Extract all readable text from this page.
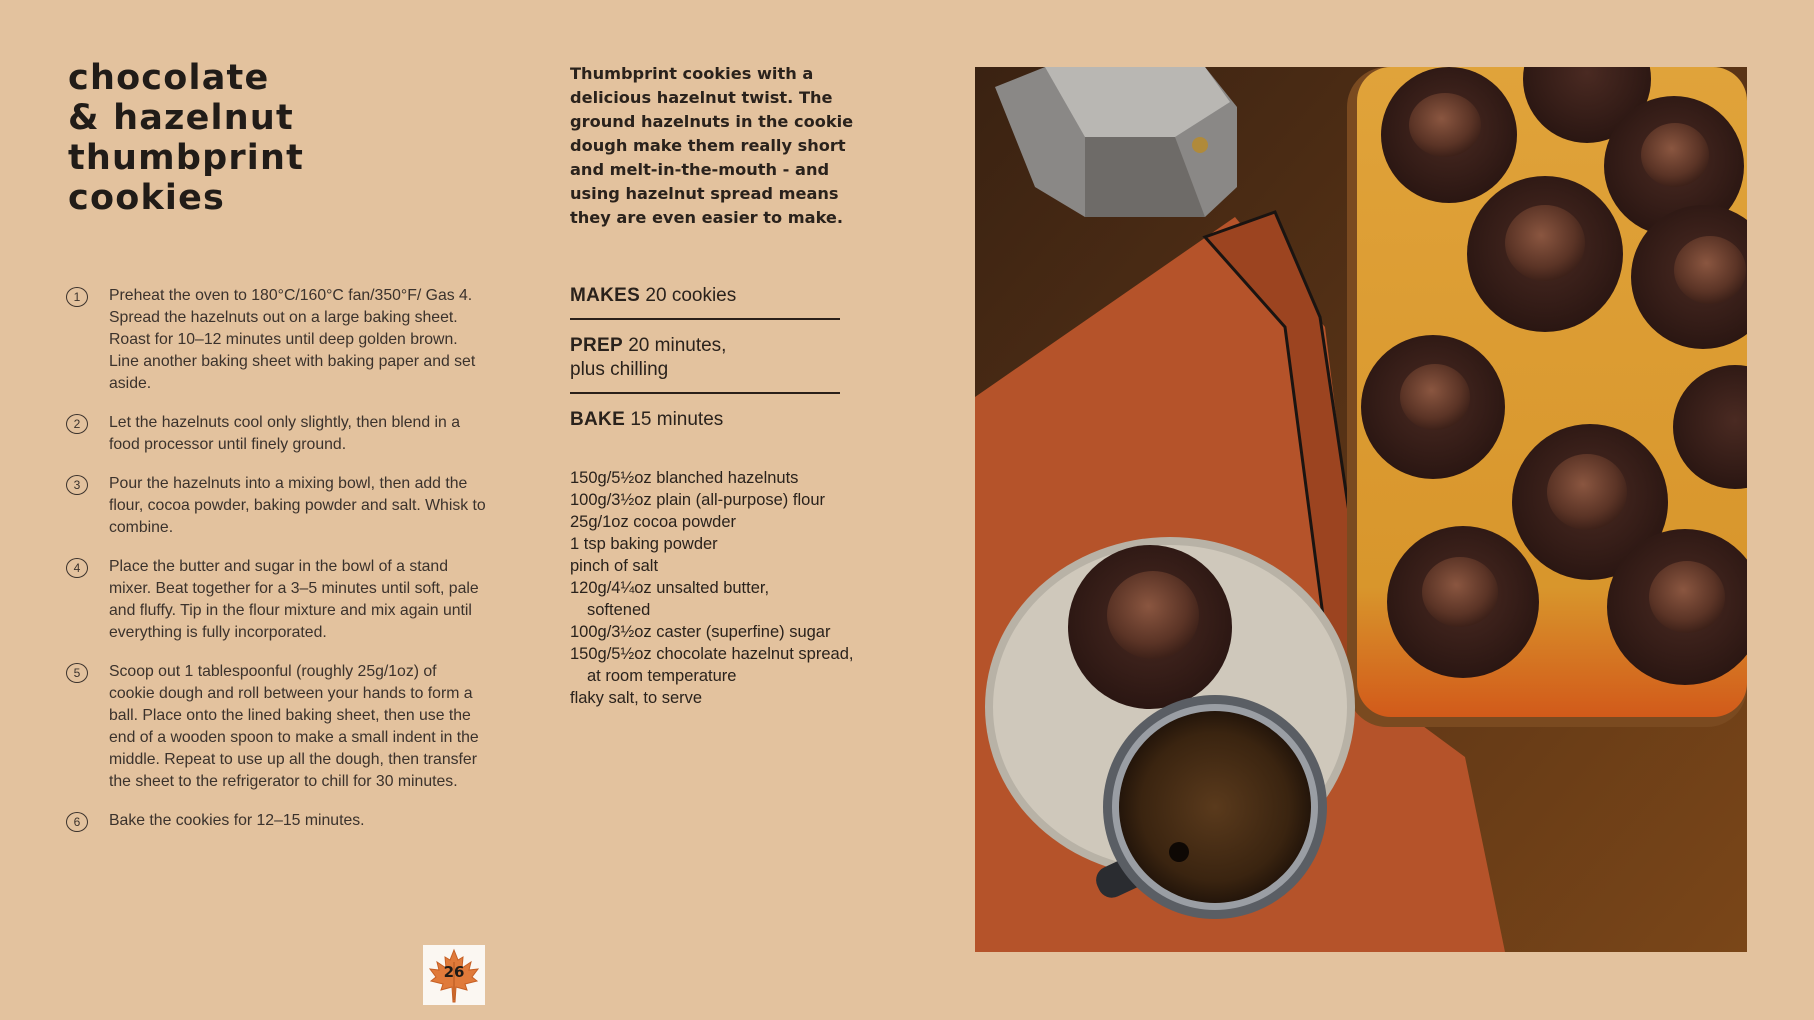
chocolate
& hazelnut
thumbprint
cookies

Thumbprint cookies with a delicious hazelnut twist. The ground hazelnuts in the cookie dough make them really short and melt-in-the-mouth - and using hazelnut spread means they are even easier to make.

MAKES 20 cookies
PREP 20 minutes, plus chilling
BAKE 15 minutes
150g/5½oz blanched hazelnuts
100g/3½oz plain (all-purpose) flour
25g/1oz cocoa powder
1 tsp baking powder
pinch of salt
120g/4¼oz unsalted butter, softened
100g/3½oz caster (superfine) sugar
150g/5½oz chocolate hazelnut spread, at room temperature
flaky salt, to serve
1	Preheat the oven to 180°C/160°C fan/350°F/ Gas 4. Spread the hazelnuts out on a large baking sheet. Roast for 10–12 minutes until deep golden brown. Line another baking sheet with baking paper and set aside.
2	Let the hazelnuts cool only slightly, then blend in a food processor until finely ground.
3	Pour the hazelnuts into a mixing bowl, then add the flour, cocoa powder, baking powder and salt. Whisk to combine.
4	Place the butter and sugar in the bowl of a stand mixer. Beat together for a 3–5 minutes until soft, pale and fluffy. Tip in the flour mixture and mix again until everything is fully incorporated.
5	Scoop out 1 tablespoonful (roughly 25g/1oz) of cookie dough and roll between your hands to form a ball. Place onto the lined baking sheet, then use the end of a wooden spoon to make a small indent in the middle. Repeat to use up all the dough, then transfer the sheet to the refrigerator to chill for 30 minutes.
6	Bake the cookies for 12–15 minutes.
26
